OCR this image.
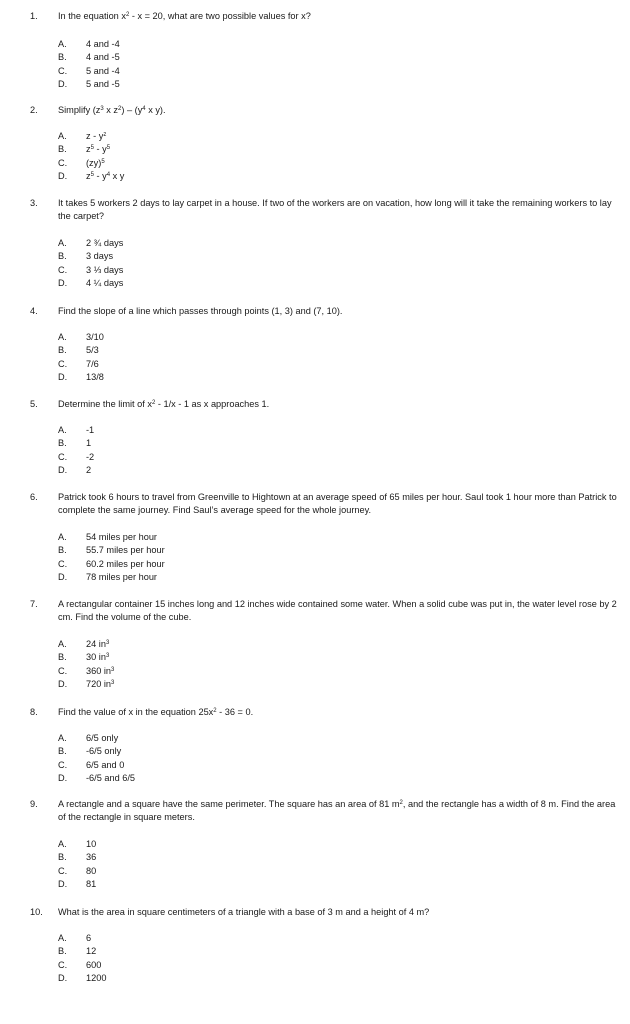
1. In the equation $x^2 - x = 20$, what are two possible values for x?
A. 4 and -4
B. 4 and -5
C. 5 and -4
D. 5 and -5
2. Simplify ($z^3$ x $z^2) - (y^4$ x y).
A. z - $y^z$
B. $z^5 - y^5$
C. (zy)$^5$
D. $z^5 - y^4$ x y
3. It takes 5 workers 2 days to lay carpet in a house. If two of the workers are on vacation, how long will it take the remaining workers to lay the carpet?
A. 2 ¾ days
B. 3 days
C. 3 ⅓ days
D. 4 ¼ days
4. Find the slope of a line which passes through points (1, 3) and (7, 10).
A. 3/10
B. 5/3
C. 7/6
D. 13/8
5. Determine the limit of $x^2 - 1/x - 1$ as x approaches 1.
A. -1
B. 1
C. -2
D. 2
6. Patrick took 6 hours to travel from Greenville to Hightown at an average speed of 65 miles per hour. Saul took 1 hour more than Patrick to complete the same journey. Find Saul’s average speed for the whole journey.
A. 54 miles per hour
B. 55.7 miles per hour
C. 60.2 miles per hour
D. 78 miles per hour
7. A rectangular container 15 inches long and 12 inches wide contained some water. When a solid cube was put in, the water level rose by 2 cm. Find the volume of the cube.
A. 24 $in^3$
B. 30 $in^3$
C. 360 $in^3$
D. 720 $in^3$
8. Find the value of x in the equation $25x^2 - 36 = 0$.
A. 6/5 only
B. -6/5 only
C. 6/5 and 0
D. -6/5 and 6/5
9. A rectangle and a square have the same perimeter. The square has an area of 81 $m^2$, and the rectangle has a width of 8 m. Find the area of the rectangle in square meters.
A. 10
B. 36
C. 80
D. 81
10. What is the area in square centimeters of a triangle with a base of 3 m and a height of 4 m?
A. 6
B. 12
C. 600
D. 1200
